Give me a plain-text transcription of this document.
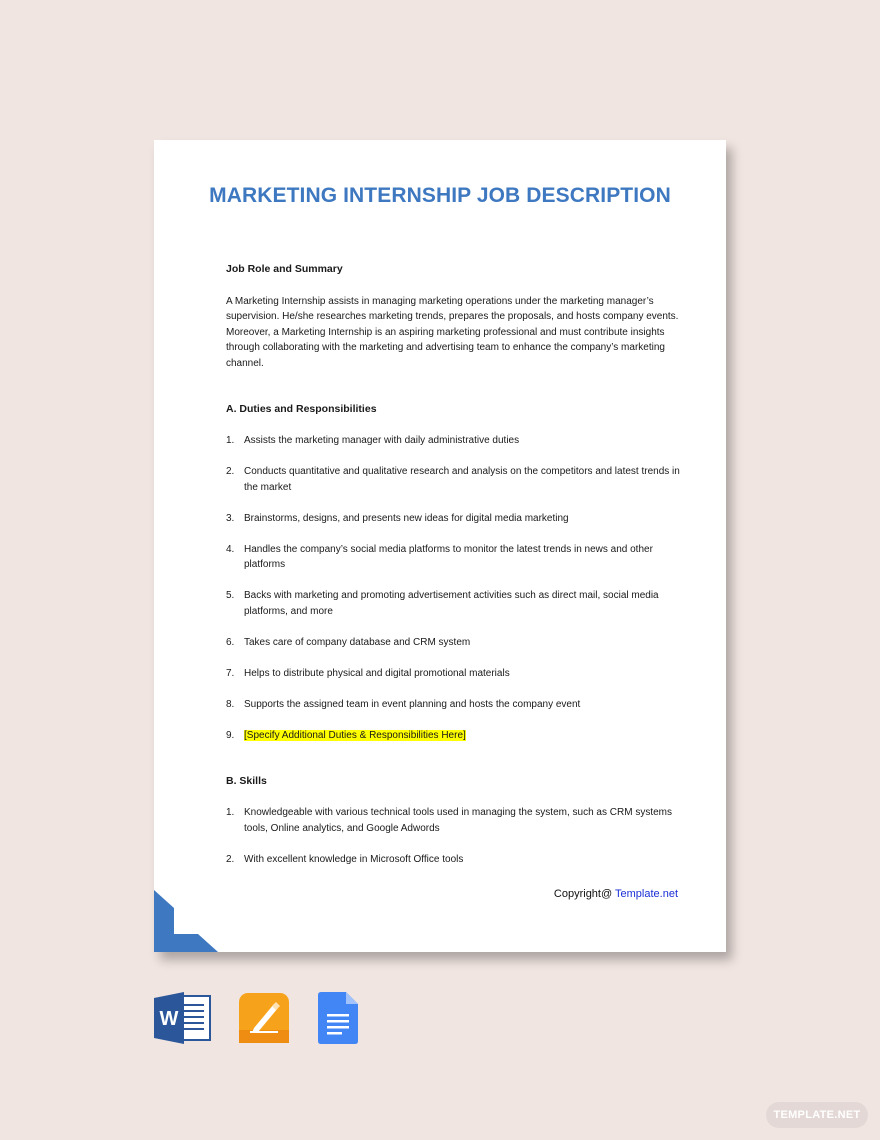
MARKETING INTERNSHIP JOB DESCRIPTION
Job Role and Summary
A Marketing Internship assists in managing marketing operations under the marketing manager’s supervision. He/she researches marketing trends, prepares the proposals, and hosts company events. Moreover, a Marketing Internship is an aspiring marketing professional and must contribute insights through collaborating with the marketing and advertising team to enhance the company’s marketing channel.
A. Duties and Responsibilities
1. Assists the marketing manager with daily administrative duties
2. Conducts quantitative and qualitative research and analysis on the competitors and latest trends in the market
3. Brainstorms, designs, and presents new ideas for digital media marketing
4. Handles the company’s social media platforms to monitor the latest trends in news and other platforms
5. Backs with marketing and promoting advertisement activities such as direct mail, social media platforms, and more
6. Takes care of company database and CRM system
7. Helps to distribute physical and digital promotional materials
8. Supports the assigned team in event planning and hosts the company event
9. [Specify Additional Duties & Responsibilities Here]
B. Skills
1. Knowledgeable with various technical tools used in managing the system, such as CRM systems tools, Online analytics, and Google Adwords
2. With excellent knowledge in Microsoft Office tools
Copyright@ Template.net
W
TEMPLATE.NET
